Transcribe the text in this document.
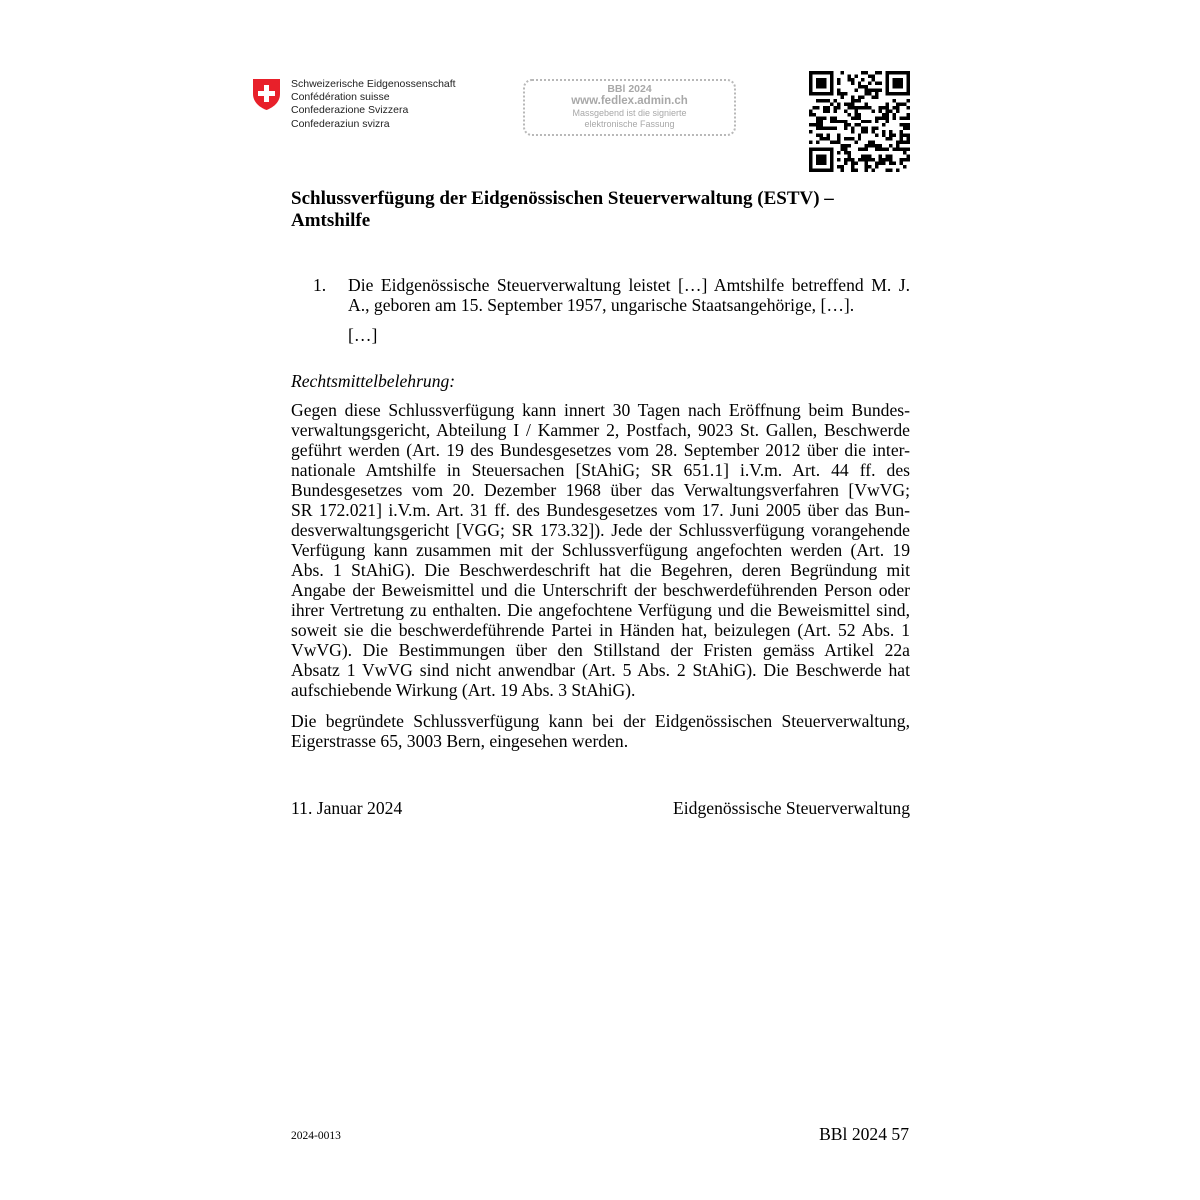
Schweizerische Eidgenossenschaft
Confédération suisse
Confederazione Svizzera
Confederaziun svizra
BBl 2024
www.fedlex.admin.ch
Massgebend ist die signierte
elektronische Fassung
Schlussverfügung der Eidgenössischen Steuerverwaltung (ESTV) –
Amtshilfe
1. Die Eidgenössische Steuerverwaltung leistet […] Amtshilfe betreffend M. J. A., geboren am 15. September 1957, ungarische Staatsangehörige, […].
[…]
Rechtsmittelbelehrung:
Gegen diese Schlussverfügung kann innert 30 Tagen nach Eröffnung beim Bundes-
verwaltungsgericht, Abteilung I / Kammer 2, Postfach, 9023 St. Gallen, Beschwerde
geführt werden (Art. 19 des Bundesgesetzes vom 28. September 2012 über die inter-
nationale Amtshilfe in Steuersachen [StAhiG; SR 651.1] i.V.m. Art. 44 ff. des
Bundesgesetzes vom 20. Dezember 1968 über das Verwaltungsverfahren [VwVG;
SR 172.021] i.V.m. Art. 31 ff. des Bundesgesetzes vom 17. Juni 2005 über das Bun-
desverwaltungsgericht [VGG; SR 173.32]). Jede der Schlussverfügung vorangehende
Verfügung kann zusammen mit der Schlussverfügung angefochten werden (Art. 19
Abs. 1 StAhiG). Die Beschwerdeschrift hat die Begehren, deren Begründung mit
Angabe der Beweismittel und die Unterschrift der beschwerdeführenden Person oder
ihrer Vertretung zu enthalten. Die angefochtene Verfügung und die Beweismittel sind,
soweit sie die beschwerdeführende Partei in Händen hat, beizulegen (Art. 52 Abs. 1
VwVG). Die Bestimmungen über den Stillstand der Fristen gemäss Artikel 22a
Absatz 1 VwVG sind nicht anwendbar (Art. 5 Abs. 2 StAhiG). Die Beschwerde hat
aufschiebende Wirkung (Art. 19 Abs. 3 StAhiG).
Die begründete Schlussverfügung kann bei der Eidgenössischen Steuerverwaltung,
Eigerstrasse 65, 3003 Bern, eingesehen werden.
11. Januar 2024	Eidgenössische Steuerverwaltung
2024-0013	BBl 2024 57
